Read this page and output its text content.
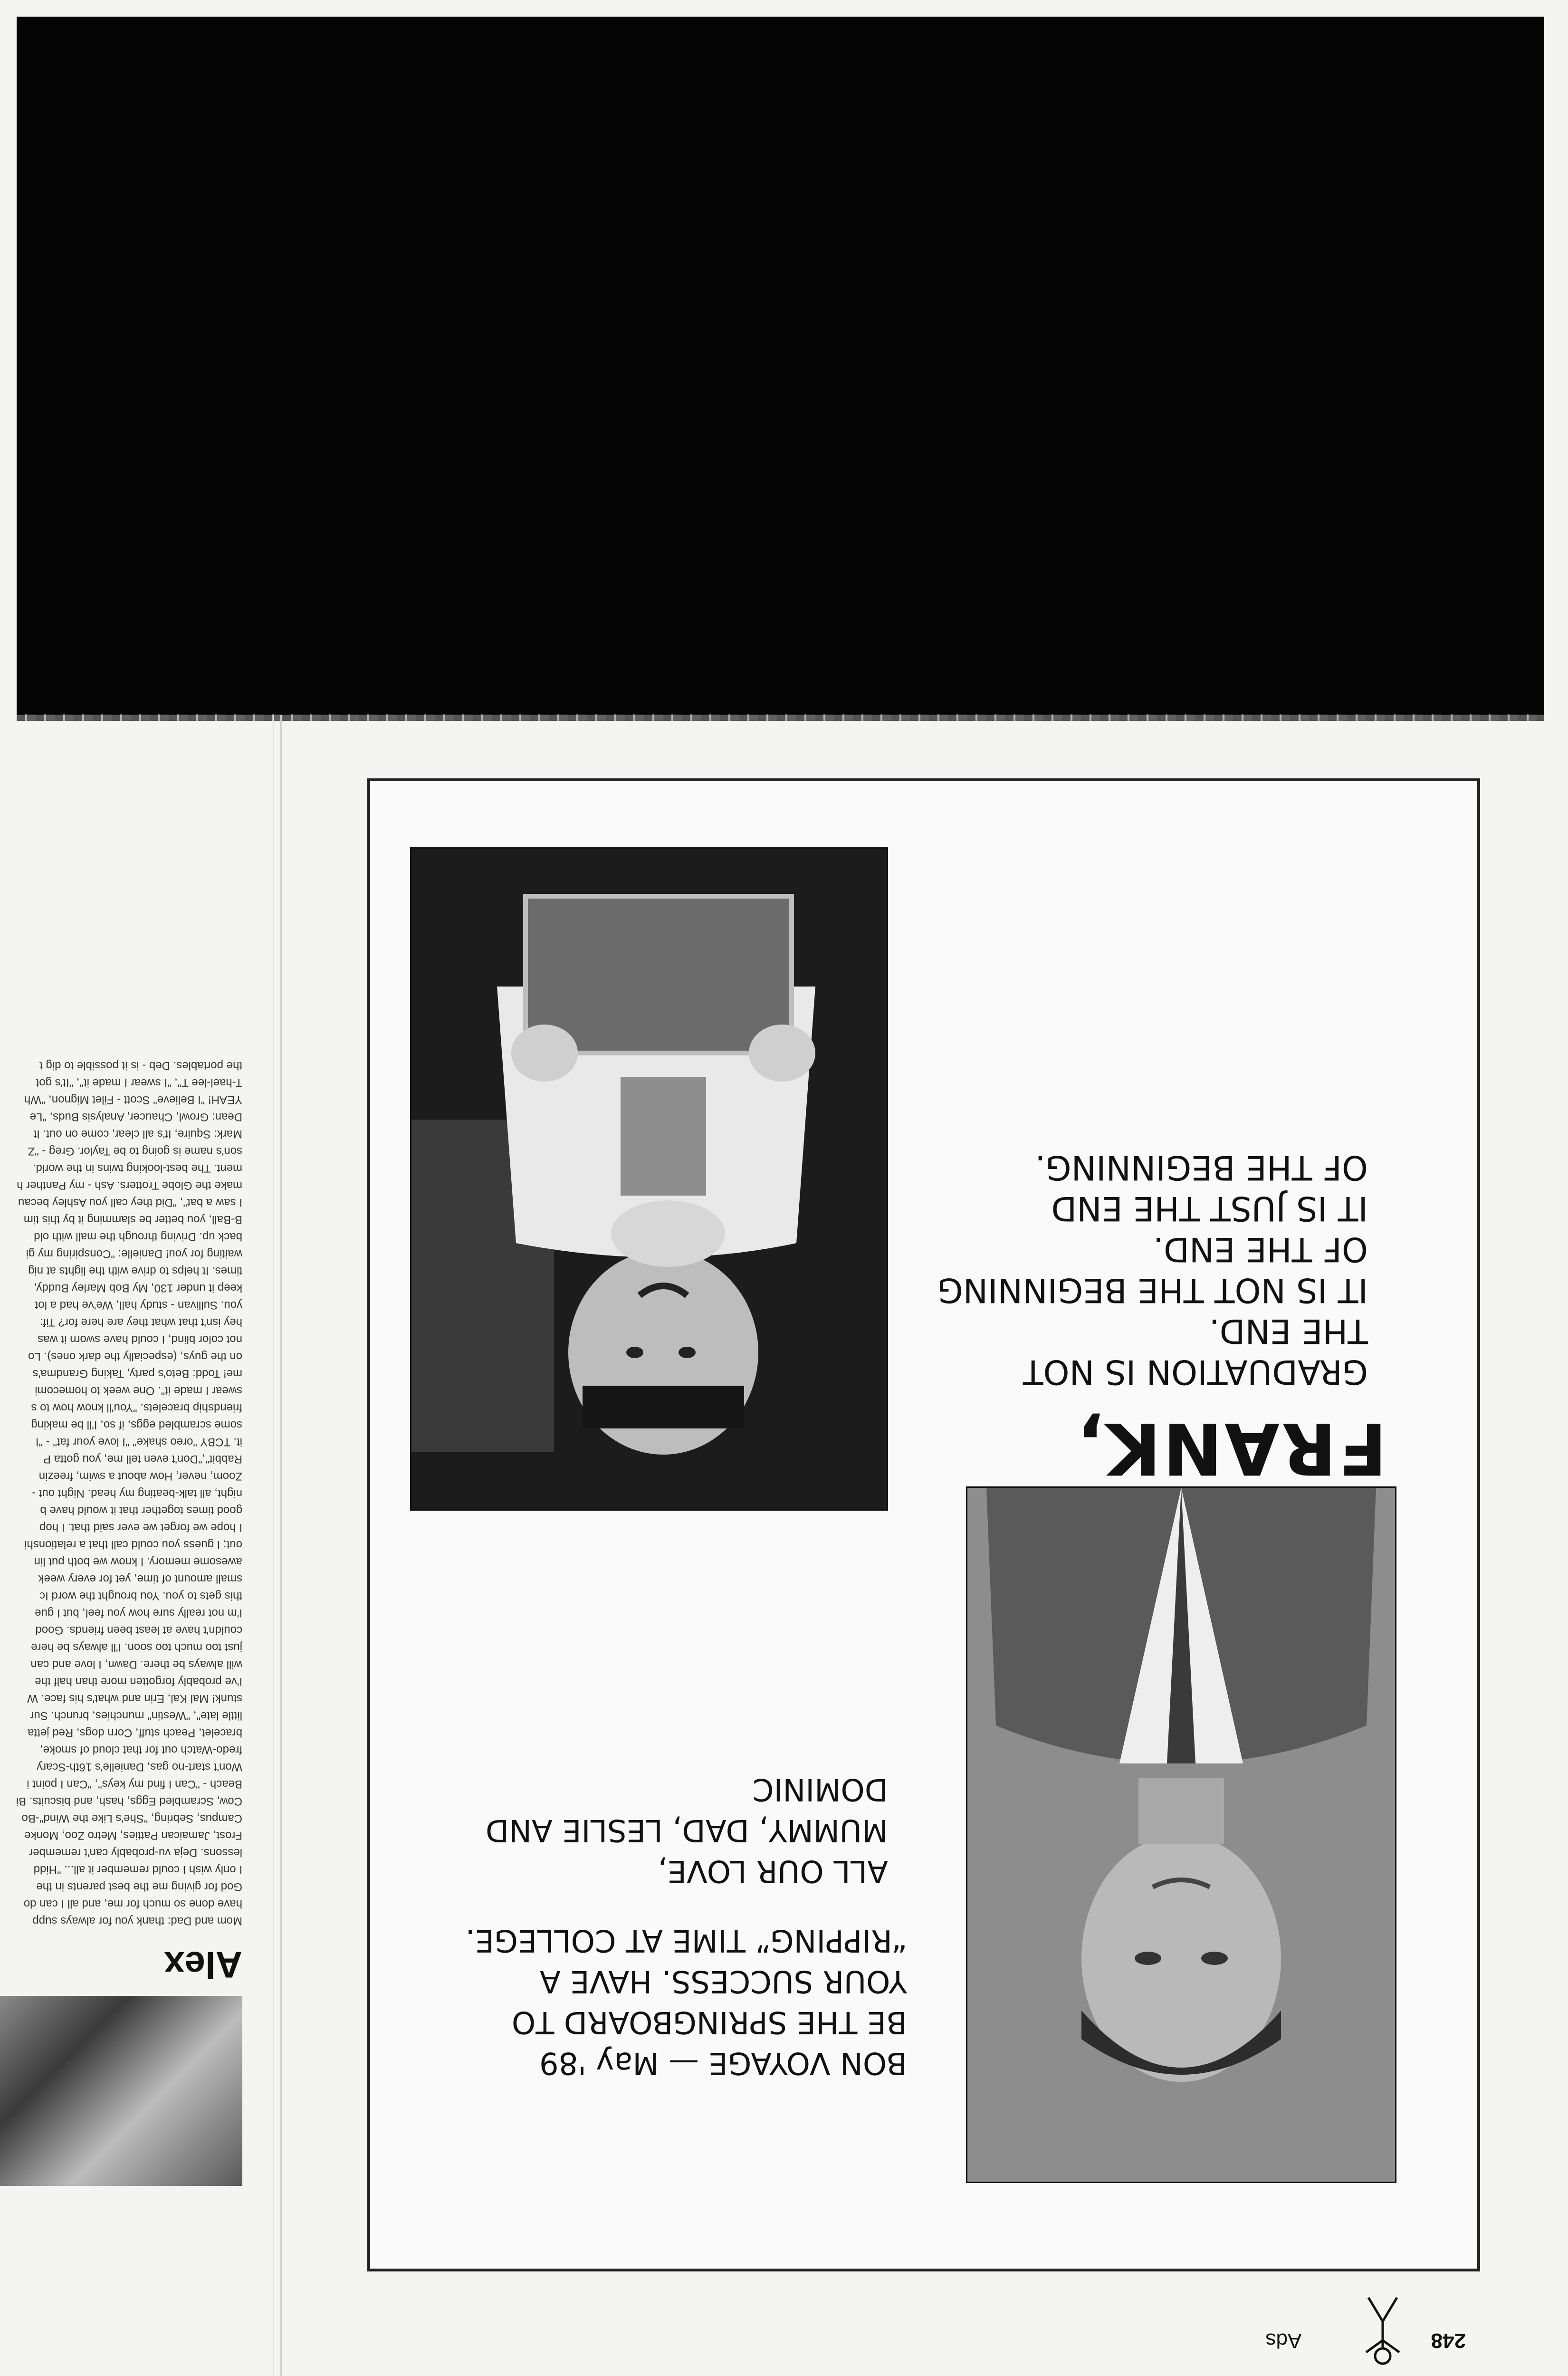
FRANK,
GRADUATION IS NOT
THE END.
IT IS NOT THE BEGINNING
OF THE END.
IT IS JUST THE END
OF THE BEGINNING.
BON VOYAGE — May '89
BE THE SPRINGBOARD TO
YOUR SUCCESS. HAVE A
“RIPPING” TIME AT COLLEGE.
ALL OUR LOVE,
MUMMY, DAD, LESLIE AND
DOMINIC
248 Ads
Alex
Mom and Dad: thank you for always supp
have done so much for me, and all I can do
God for giving me the best parents in the
I only wish I could remember it all... "Hidd
lessons. Deja vu-probably can't remember
Frost, Jamaican Patties, Metro Zoo, Monke
Campus, Sebring, "She's Like the Wind"-Bo
Cow, Scrambled Eggs, hash, and biscuits. Bi
Beach - "Can I find my keys", "Can I point i
Won't start-no gas, Danielle's 16th-Scary
fredo-Watch out for that cloud of smoke,
bracelet, Peach stuff, Corn dogs, Red jetta
little late", "Westin" munchies, brunch. Sur
stunk! Mal Kal, Erin and what's his face. W
I've probably forgotten more than half the
will always be there. Dawn, I love and can
just too much too soon. I'll always be here
couldn't have at least been friends. Good
I'm not really sure how you feel, but I gue
this gets to you. You brought the word Ic
small amount of time, yet for every week
awesome memory. I know we both put lin
out; I guess you could call that a relationshi
I hope we forget we ever said that. I hop
good times together that it would have b
night, all talk-beating my head. Night out -
Zoom, never, How about a swim, freezin
Rabbit","Don't even tell me, you gotta P
it. TCBY "oreo shake" "I love your fat" - "I
some scrambled eggs, if so, I'll be making
friendship bracelets. "You'll know how to s
swear I made it". One week to homecomi
me! Todd: Beto's party, Taking Grandma's
on the guys, (especially the dark ones). Lo
not color blind, I could have sworn it was
hey isn't that what they are here for? Tif:
you. Sullivan - study hall, We've had a lot
keep it under 130, My Bob Marley Buddy,
times. It helps to drive with the lights at nig
waiting for you! Danielle: "Conspiring my gi
back up. Driving through the mall with old
B-Ball, you better be slamming it by this tim
I saw a bat", "Did they call you Ashley becau
make the Globe Trotters. Ash - my Panther h
ment. The best-looking twins in the world.
son's name is going to be Taylor. Greg - "Z
Mark: Squire, It's all clear, come on out. It
Dean: Growl, Chaucer, Analysis Buds, "Le
YEAH! "I Believe" Scott - Filet Mignon, "Wh
T-hael-lee T", "I swear I made it", "It's got
the portables. Deb - is it possible to dig t
